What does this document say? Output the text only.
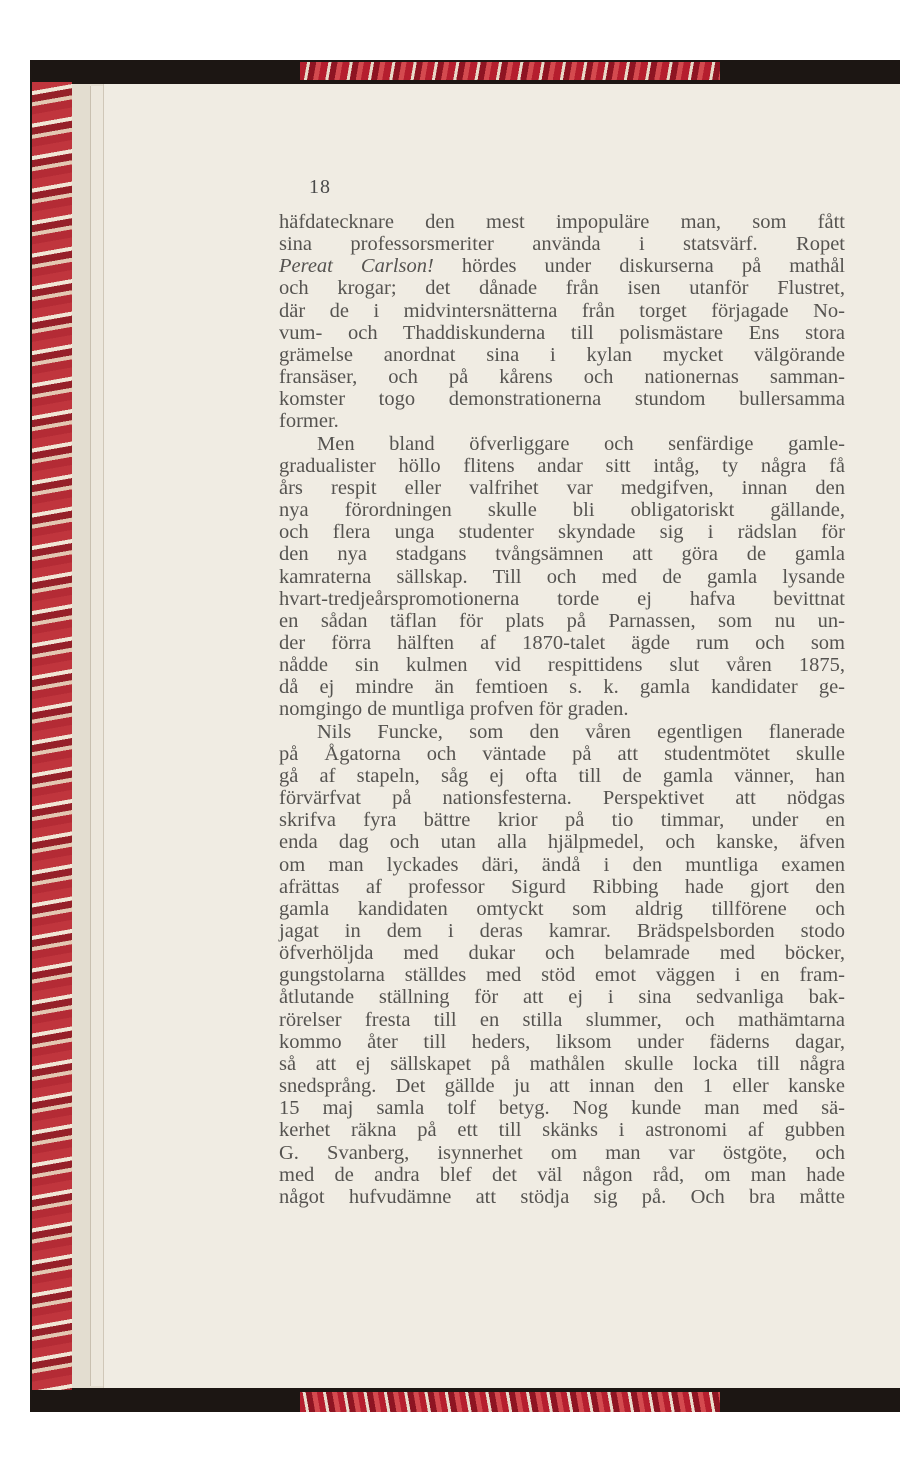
18
häfdatecknare den mest impopuläre man, som fått
sina professorsmeriter använda i statsvärf. Ropet
Pereat Carlson! hördes under diskurserna på mathål
och krogar; det dånade från isen utanför Flustret,
där de i midvintersnätterna från torget förjagade No-
vum- och Thaddiskunderna till polismästare Ens stora
grämelse anordnat sina i kylan mycket välgörande
fransäser, och på kårens och nationernas samman-
komster togo demonstrationerna stundom bullersamma
former.
Men bland öfverliggare och senfärdige gamle-
gradualister höllo flitens andar sitt intåg, ty några få
års respit eller valfrihet var medgifven, innan den
nya förordningen skulle bli obligatoriskt gällande,
och flera unga studenter skyndade sig i rädslan för
den nya stadgans tvångsämnen att göra de gamla
kamraterna sällskap. Till och med de gamla lysande
hvart-tredjeårspromotionerna torde ej hafva bevittnat
en sådan täflan för plats på Parnassen, som nu un-
der förra hälften af 1870-talet ägde rum och som
nådde sin kulmen vid respittidens slut våren 1875,
då ej mindre än femtioen s. k. gamla kandidater ge-
nomgingo de muntliga profven för graden.
Nils Funcke, som den våren egentligen flanerade
på Ågatorna och väntade på att studentmötet skulle
gå af stapeln, såg ej ofta till de gamla vänner, han
förvärfvat på nationsfesterna. Perspektivet att nödgas
skrifva fyra bättre krior på tio timmar, under en
enda dag och utan alla hjälpmedel, och kanske, äfven
om man lyckades däri, ändå i den muntliga examen
afrättas af professor Sigurd Ribbing hade gjort den
gamla kandidaten omtyckt som aldrig tillförene och
jagat in dem i deras kamrar. Brädspelsborden stodo
öfverhöljda med dukar och belamrade med böcker,
gungstolarna ställdes med stöd emot väggen i en fram-
åtlutande ställning för att ej i sina sedvanliga bak-
rörelser fresta till en stilla slummer, och mathämtarna
kommo åter till heders, liksom under fäderns dagar,
så att ej sällskapet på mathålen skulle locka till några
snedsprång. Det gällde ju att innan den 1 eller kanske
15 maj samla tolf betyg. Nog kunde man med sä-
kerhet räkna på ett till skänks i astronomi af gubben
G. Svanberg, isynnerhet om man var östgöte, och
med de andra blef det väl någon råd, om man hade
något hufvudämne att stödja sig på. Och bra måtte
